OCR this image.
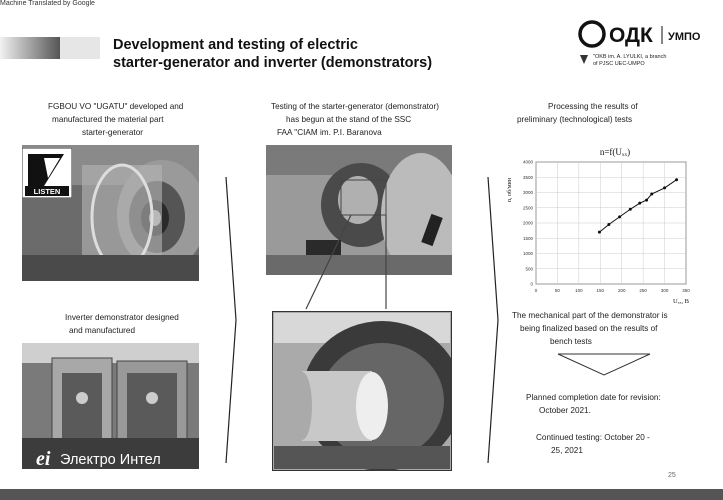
Machine Translated by Google
Development and testing of electric
starter-generator and inverter (demonstrators)
ОДК УМПО
"OKB im. A. LYULKI, a branch
of PJSC UEC-UMPO
FGBOU VO "UGATU" developed and
manufactured the material part
starter-generator
Testing of the starter-generator (demonstrator)
has begun at the stand of the SSC
FAA "CIAM im. P.I. Baranova
Processing the results of
preliminary (technological) tests
LISTEN
Inverter demonstrator designed
and manufactured
ei Электро Интел
n=f(Uₓₓ)
n, об/мин
Uₓₓ, B
0	50	100	150	200	250	300	350
0
500
1000
1500
2000
2500
3000
3500
4000
The mechanical part of the demonstrator is
being finalized based on the results of
bench tests
Planned completion date for revision:
October 2021.
Continued testing: October 20 -
25, 2021
25
